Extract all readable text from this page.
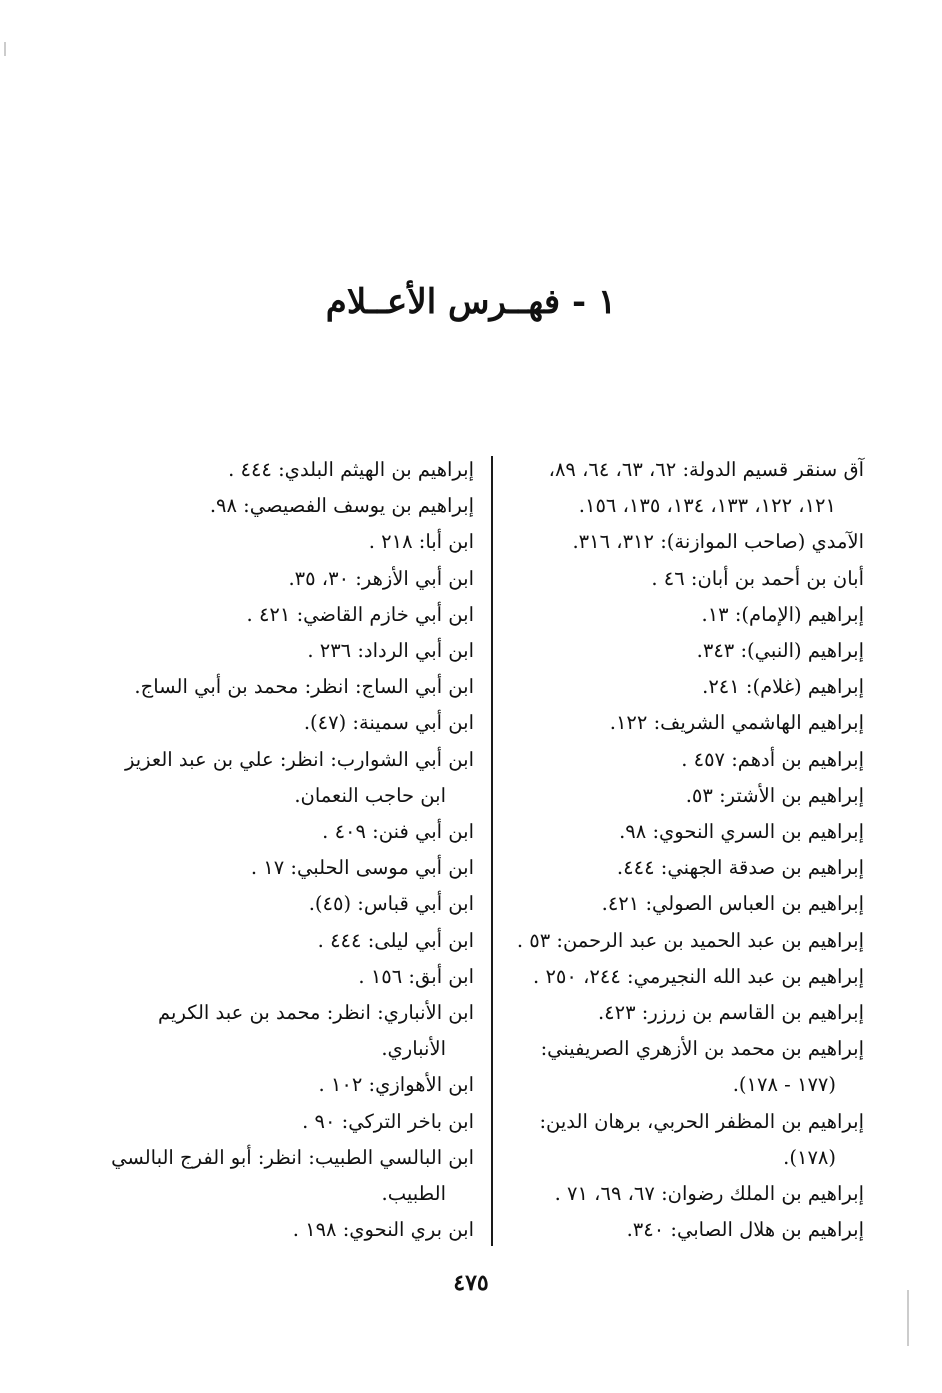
١ - فهــرس الأعــلام
آق سنقر قسيم الدولة: ٦٢، ٦٣، ٦٤، ٨٩،
١٢١، ١٢٢، ١٣٣، ١٣٤، ١٣٥، ١٥٦.
الآمدي (صاحب الموازنة): ٣١٢، ٣١٦.
أبان بن أحمد بن أبان: ٤٦ .
إبراهيم (الإمام): ١٣.
إبراهيم (النبي): ٣٤٣.
إبراهيم (غلام): ٢٤١.
إبراهيم الهاشمي الشريف: ١٢٢.
إبراهيم بن أدهم: ٤٥٧ .
إبراهيم بن الأشتر: ٥٣.
إبراهيم بن السري النحوي: ٩٨.
إبراهيم بن صدقة الجهني: ٤٤٤.
إبراهيم بن العباس الصولي: ٤٢١.
إبراهيم بن عبد الحميد بن عبد الرحمن: ٥٣ .
إبراهيم بن عبد الله النجيرمي: ٢٤٤، ٢٥٠ .
إبراهيم بن القاسم بن زرزر: ٤٢٣.
إبراهيم بن محمد بن الأزهري الصريفيني:
(١٧٧ - ١٧٨).
إبراهيم بن المظفر الحربي، برهان الدين:
(١٧٨).
إبراهيم بن الملك رضوان: ٦٧، ٦٩، ٧١ .
إبراهيم بن هلال الصابي: ٣٤٠.
إبراهيم بن الهيثم البلدي: ٤٤٤ .
إبراهيم بن يوسف الفصيصي: ٩٨.
ابن أبا: ٢١٨ .
ابن أبي الأزهر: ٣٠، ٣٥.
ابن أبي خازم القاضي: ٤٢١ .
ابن أبي الرداد: ٢٣٦ .
ابن أبي الساج: انظر: محمد بن أبي الساج.
ابن أبي سمينة: (٤٧).
ابن أبي الشوارب: انظر: علي بن عبد العزيز
ابن حاجب النعمان.
ابن أبي فنن: ٤٠٩ .
ابن أبي موسى الحلبي: ١٧ .
ابن أبي قباس: (٤٥).
ابن أبي ليلى: ٤٤٤ .
ابن أبق: ١٥٦ .
ابن الأنباري: انظر: محمد بن عبد الكريم
الأنباري.
ابن الأهوازي: ١٠٢ .
ابن باخر التركي: ٩٠ .
ابن البالسي الطبيب: انظر: أبو الفرج البالسي
الطبيب.
ابن بري النحوي: ١٩٨ .
٤٧٥
